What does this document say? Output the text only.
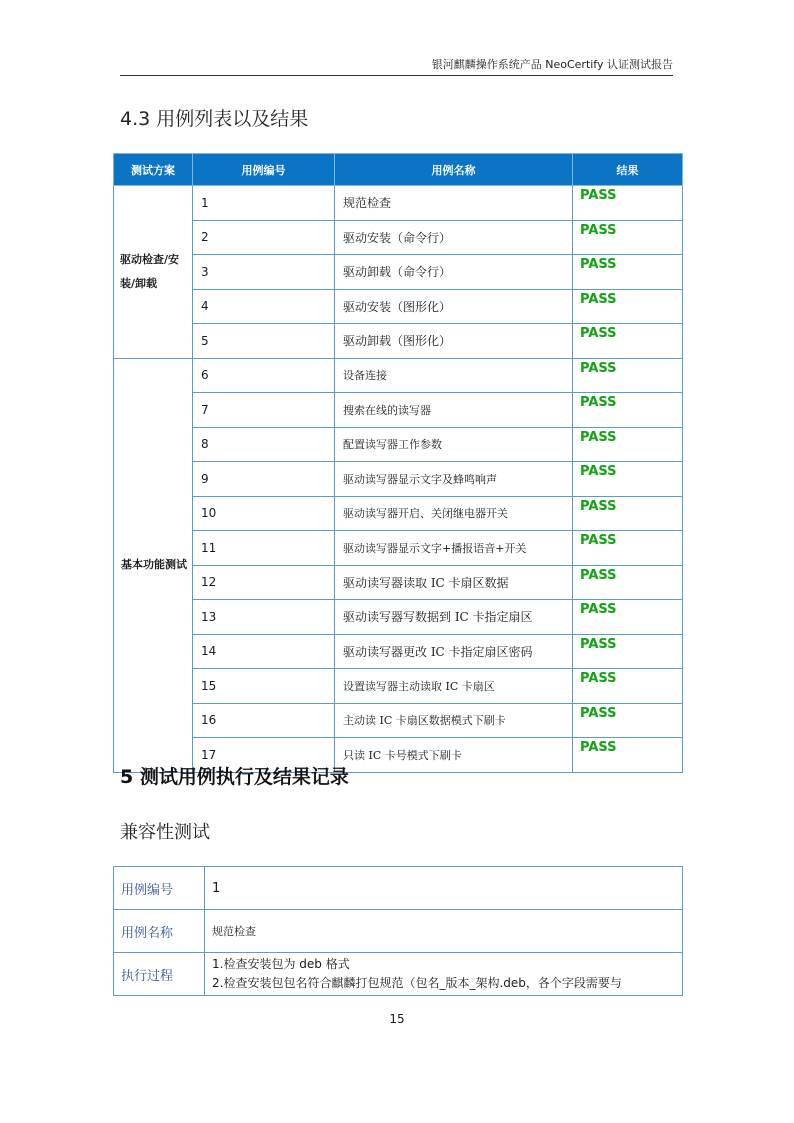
银河麒麟操作系统产品 NeoCertify 认证测试报告
4.3 用例列表以及结果
测试方案	用例编号	用例名称	结果
驱动检查/安装/卸载	1	规范检查	PASS
	2	驱动安装（命令行）	PASS
	3	驱动卸载（命令行）	PASS
	4	驱动安装（图形化）	PASS
	5	驱动卸载（图形化）	PASS
基本功能测试	6	设备连接	PASS
	7	搜索在线的读写器	PASS
	8	配置读写器工作参数	PASS
	9	驱动读写器显示文字及蜂鸣响声	PASS
	10	驱动读写器开启、关闭继电器开关	PASS
	11	驱动读写器显示文字+播报语音+开关	PASS
	12	驱动读写器读取 IC 卡扇区数据	PASS
	13	驱动读写器写数据到 IC 卡指定扇区	PASS
	14	驱动读写器更改 IC 卡指定扇区密码	PASS
	15	设置读写器主动读取 IC 卡扇区	PASS
	16	主动读 IC 卡扇区数据模式下刷卡	PASS
	17	只读 IC 卡号模式下刷卡	PASS
5 测试用例执行及结果记录
兼容性测试
用例编号	1
用例名称	规范检查
执行过程	1.检查安装包为 deb 格式
2.检查安装包包名符合麒麟打包规范（包名_版本_架构.deb，各个字段需要与
15
